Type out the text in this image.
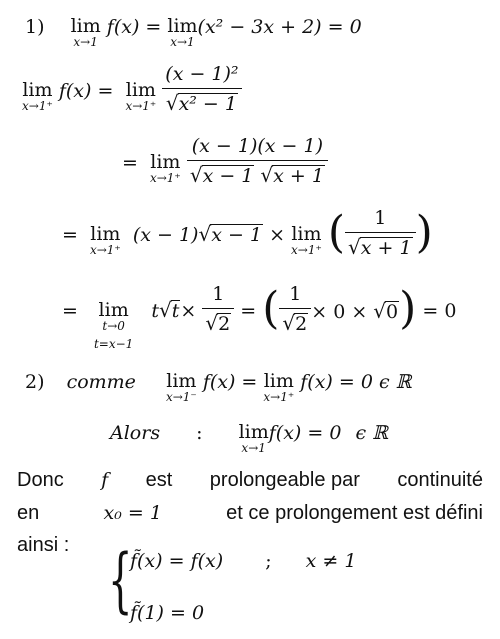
1) lim
x→1
f(x) = lim
x→1
(x² − 3x + 2) = 0
lim
x→1⁺
f(x) = lim
x→1⁺
$\frac{\text{(x − 1)²}}{\text{√x² − 1}}$
= lim
x→1⁺
$\frac{(x - 1)(x - 1)}{√x - 1 √x + 1}$
= lim
x→1⁺
(x − 1)√x − 1 × lim
x→1⁺ ( $\frac{1}{√x + 1}$ )
= lim
t→0
t=x−1
$t√t\times \frac{1}{√2}$ = ( $\frac{1}{√2} \times 0 \times √0) = 0$
2) comme lim
x→1⁻
f(x) = lim
x→1⁺
f(x) = 0 ϵ ℝ
Alors : lim
x→1
f(x) = 0 ϵ ℝ
Donc f est prolongeable par continuité
en	x₀ = 1	et ce prolongement est défini
ainsi : {
f̃(x) = f(x) ; x ≠ 1
f̃(1) = 0
